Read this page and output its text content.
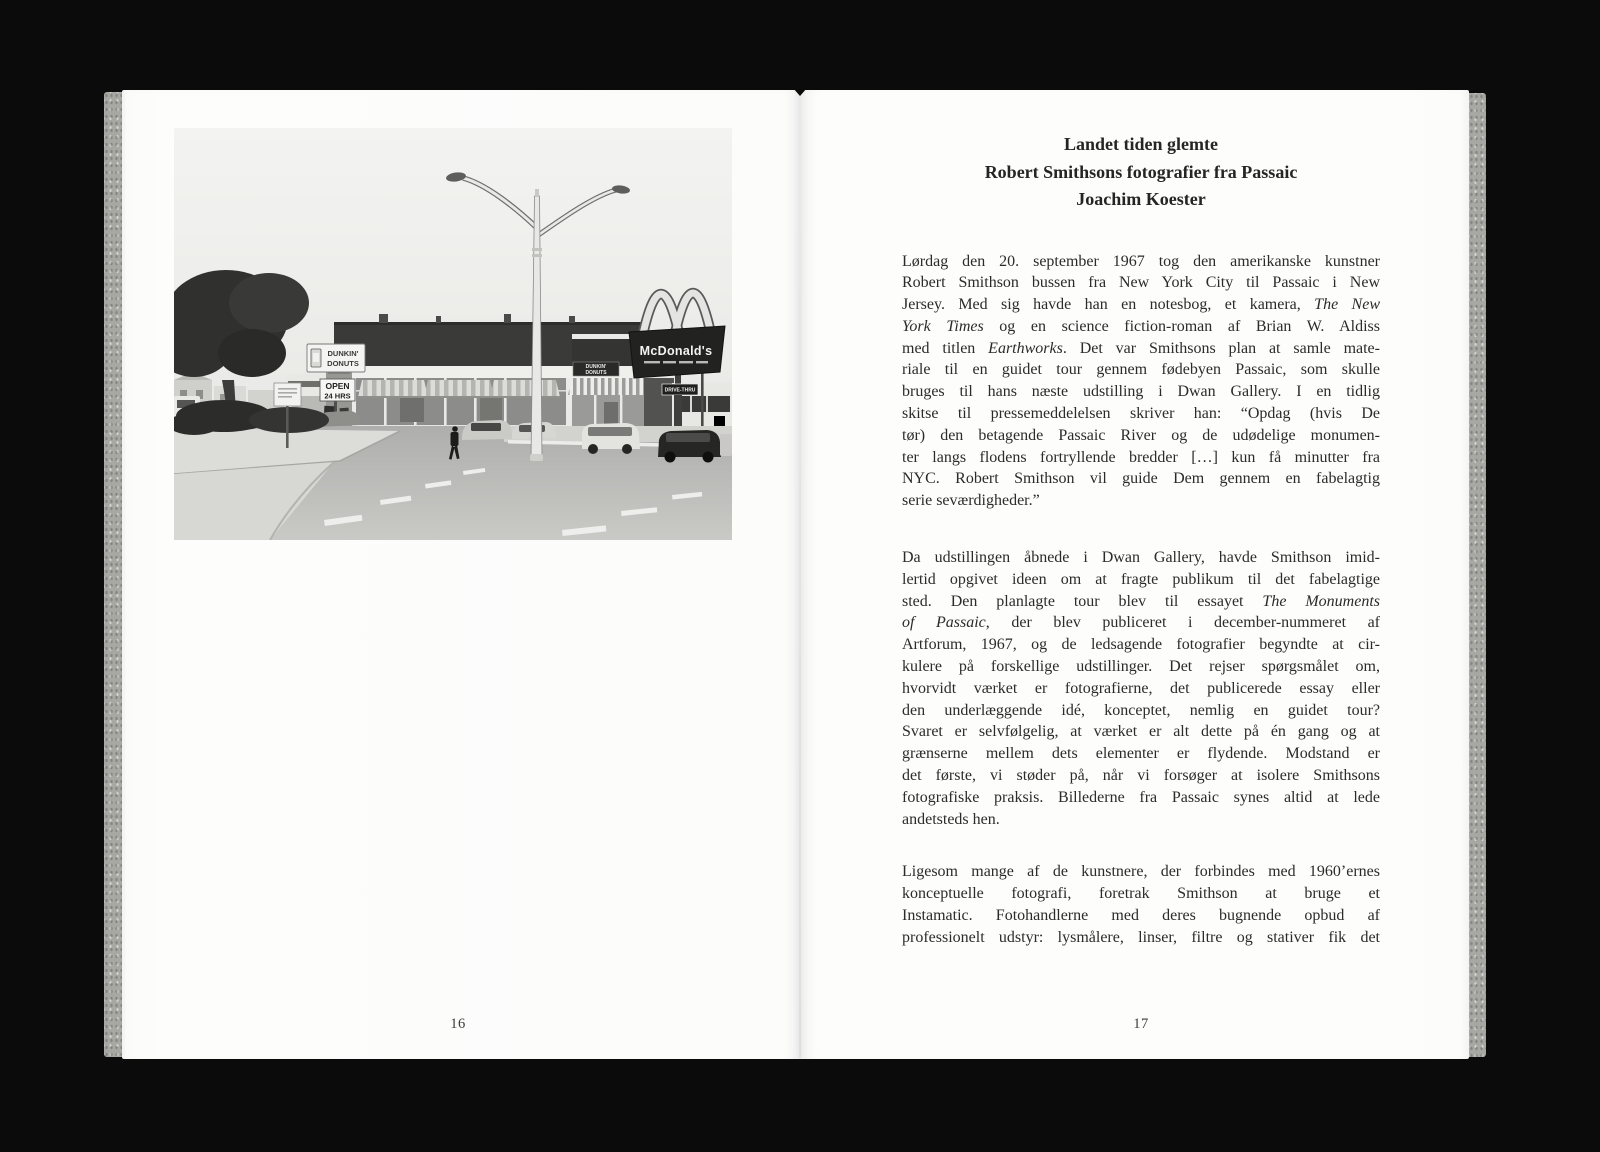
DUNKIN'
DONUTS
McDonald's
DRIVE-THRU
DUNKIN'
DONUTS
OPEN
24 HRS
16
Landet tiden glemte
Robert Smithsons fotografier fra Passaic
Joachim Koester
Lørdag den 20. september 1967 tog den amerikanske kunstner
Robert Smithson bussen fra New York City til Passaic i New
Jersey. Med sig havde han en notesbog, et kamera, The New
York Times og en science fiction-roman af Brian W. Aldiss
med titlen Earthworks. Det var Smithsons plan at samle mate-
riale til en guidet tour gennem fødebyen Passaic, som skulle
bruges til hans næste udstilling i Dwan Gallery. I en tidlig
skitse til pressemeddelelsen skriver han: “Opdag (hvis De
tør) den betagende Passaic River og de udødelige monumen-
ter langs flodens fortryllende bredder […] kun få minutter fra
NYC. Robert Smithson vil guide Dem gennem en fabelagtig
serie seværdigheder.”
Da udstillingen åbnede i Dwan Gallery, havde Smithson imid-
lertid opgivet ideen om at fragte publikum til det fabelagtige
sted. Den planlagte tour blev til essayet The Monuments
of Passaic, der blev publiceret i december-nummeret af
Artforum, 1967, og de ledsagende fotografier begyndte at cir-
kulere på forskellige udstillinger. Det rejser spørgsmålet om,
hvorvidt værket er fotografierne, det publicerede essay eller
den underlæggende idé, konceptet, nemlig en guidet tour?
Svaret er selvfølgelig, at værket er alt dette på én gang og at
grænserne mellem dets elementer er flydende. Modstand er
det første, vi støder på, når vi forsøger at isolere Smithsons
fotografiske praksis. Billederne fra Passaic synes altid at lede
andetsteds hen.
Ligesom mange af de kunstnere, der forbindes med 1960’ernes
konceptuelle fotografi, foretrak Smithson at bruge et
Instamatic. Fotohandlerne med deres bugnende opbud af
professionelt udstyr: lysmålere, linser, filtre og stativer fik det
17
